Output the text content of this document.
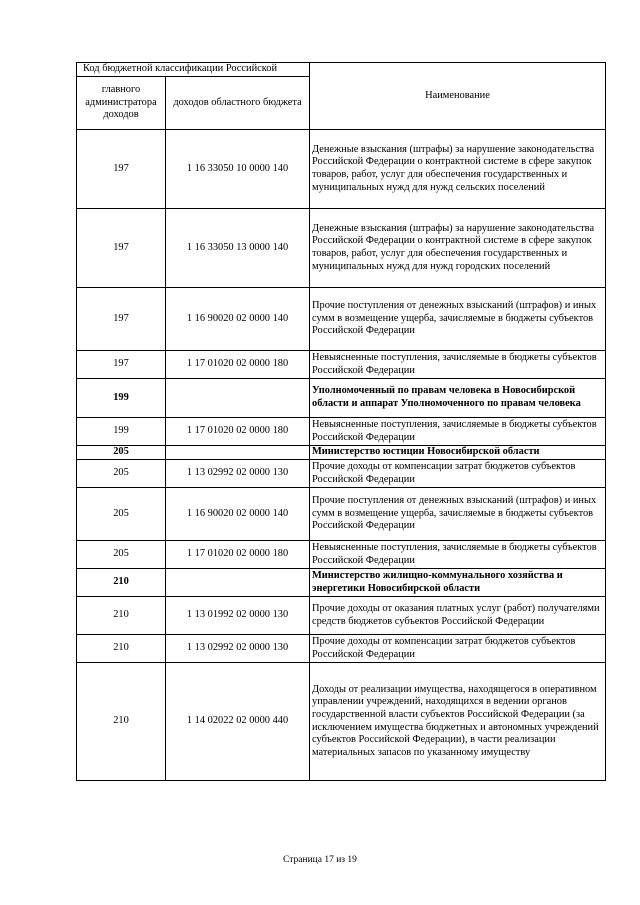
Код бюджетной классификации Российской		Наименование
главного администратора доходов	доходов областного бюджета	
197	1 16 33050 10 0000 140	Денежные взыскания (штрафы) за нарушение законодательства Российской Федерации о контрактной системе в сфере закупок товаров, работ, услуг для обеспечения государственных и муниципальных нужд для нужд сельских поселений
197	1 16 33050 13 0000 140	Денежные взыскания (штрафы) за нарушение законодательства Российской Федерации о контрактной системе в сфере закупок товаров, работ, услуг для обеспечения государственных и муниципальных нужд для нужд городских поселений
197	1 16 90020 02 0000 140	Прочие поступления от денежных взысканий (штрафов) и иных сумм в возмещение ущерба, зачисляемые в бюджеты субъектов Российской Федерации
197	1 17 01020 02 0000 180	Невыясненные поступления, зачисляемые в бюджеты субъектов Российской Федерации
199		Уполномоченный по правам человека в Новосибирской области и аппарат Уполномоченного по правам человека
199	1 17 01020 02 0000 180	Невыясненные поступления, зачисляемые в бюджеты субъектов Российской Федерации
205		Министерство юстиции Новосибирской области
205	1 13 02992 02 0000 130	Прочие доходы от компенсации затрат бюджетов субъектов Российской Федерации
205	1 16 90020 02 0000 140	Прочие поступления от денежных взысканий (штрафов) и иных сумм в возмещение ущерба, зачисляемые в бюджеты субъектов Российской Федерации
205	1 17 01020 02 0000 180	Невыясненные поступления, зачисляемые в бюджеты субъектов Российской Федерации
210		Министерство жилищно-коммунального хозяйства и энергетики Новосибирской области
210	1 13 01992 02 0000 130	Прочие доходы от оказания платных услуг (работ) получателями средств бюджетов субъектов Российской Федерации
210	1 13 02992 02 0000 130	Прочие доходы от компенсации затрат бюджетов субъектов Российской Федерации
210	1 14 02022 02 0000 440	Доходы от реализации имущества, находящегося в оперативном управлении учреждений, находящихся в ведении органов государственной власти субъектов Российской Федерации (за исключением имущества бюджетных и автономных учреждений субъектов Российской Федерации), в части реализации материальных запасов по указанному имуществу
Страница 17 из 19
